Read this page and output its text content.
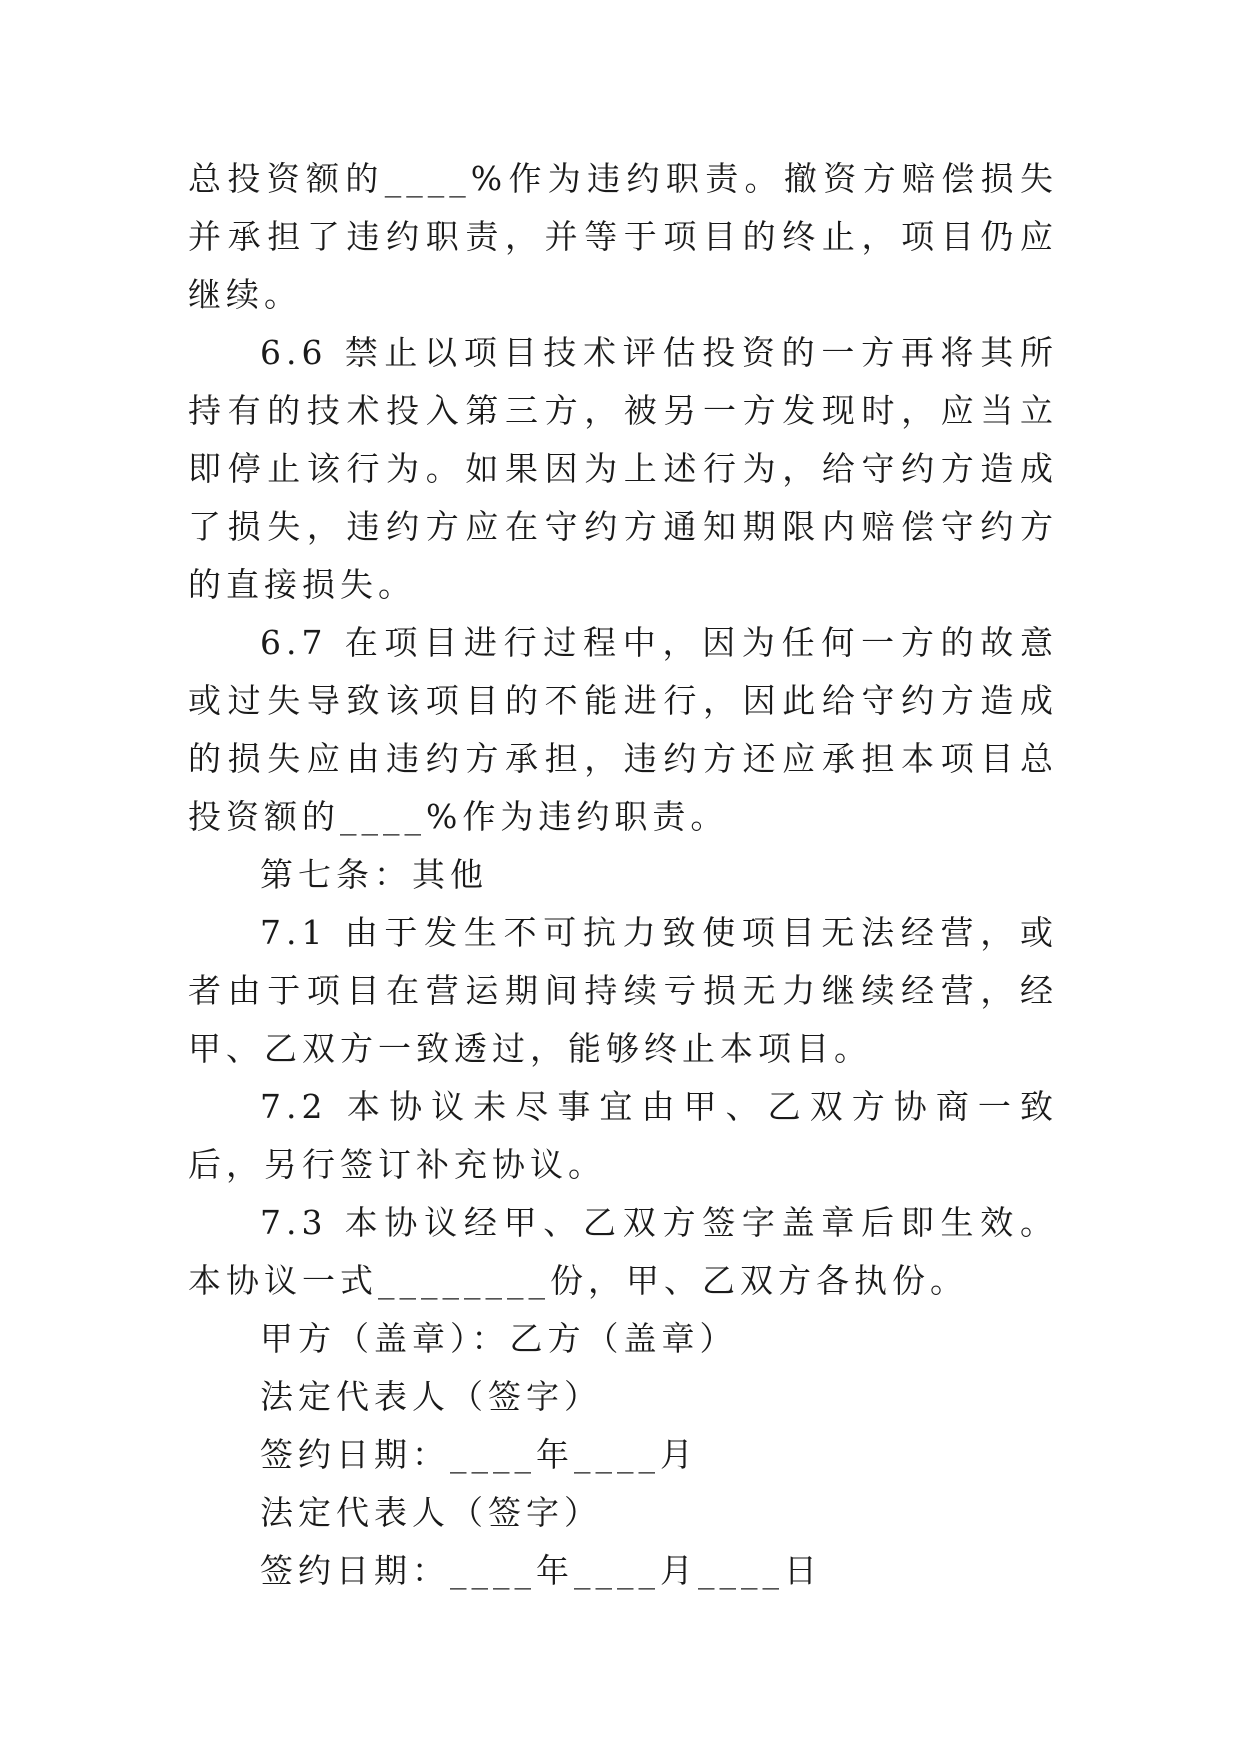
总投资额的____%作为违约职责。撤资方赔偿损失并承担了违约职责，并等于项目的终止，项目仍应继续。

6.6 禁止以项目技术评估投资的一方再将其所持有的技术投入第三方，被另一方发现时，应当立即停止该行为。如果因为上述行为，给守约方造成了损失，违约方应在守约方通知期限内赔偿守约方的直接损失。

6.7 在项目进行过程中，因为任何一方的故意或过失导致该项目的不能进行，因此给守约方造成的损失应由违约方承担，违约方还应承担本项目总投资额的____%作为违约职责。

第七条：其他

7.1 由于发生不可抗力致使项目无法经营，或者由于项目在营运期间持续亏损无力继续经营，经甲、乙双方一致透过，能够终止本项目。

7.2 本协议未尽事宜由甲、乙双方协商一致后，另行签订补充协议。

7.3 本协议经甲、乙双方签字盖章后即生效。本协议一式________份，甲、乙双方各执份。

甲方（盖章）：乙方（盖章）

法定代表人（签字）

签约日期：____年____月

法定代表人（签字）

签约日期：____年____月____日
